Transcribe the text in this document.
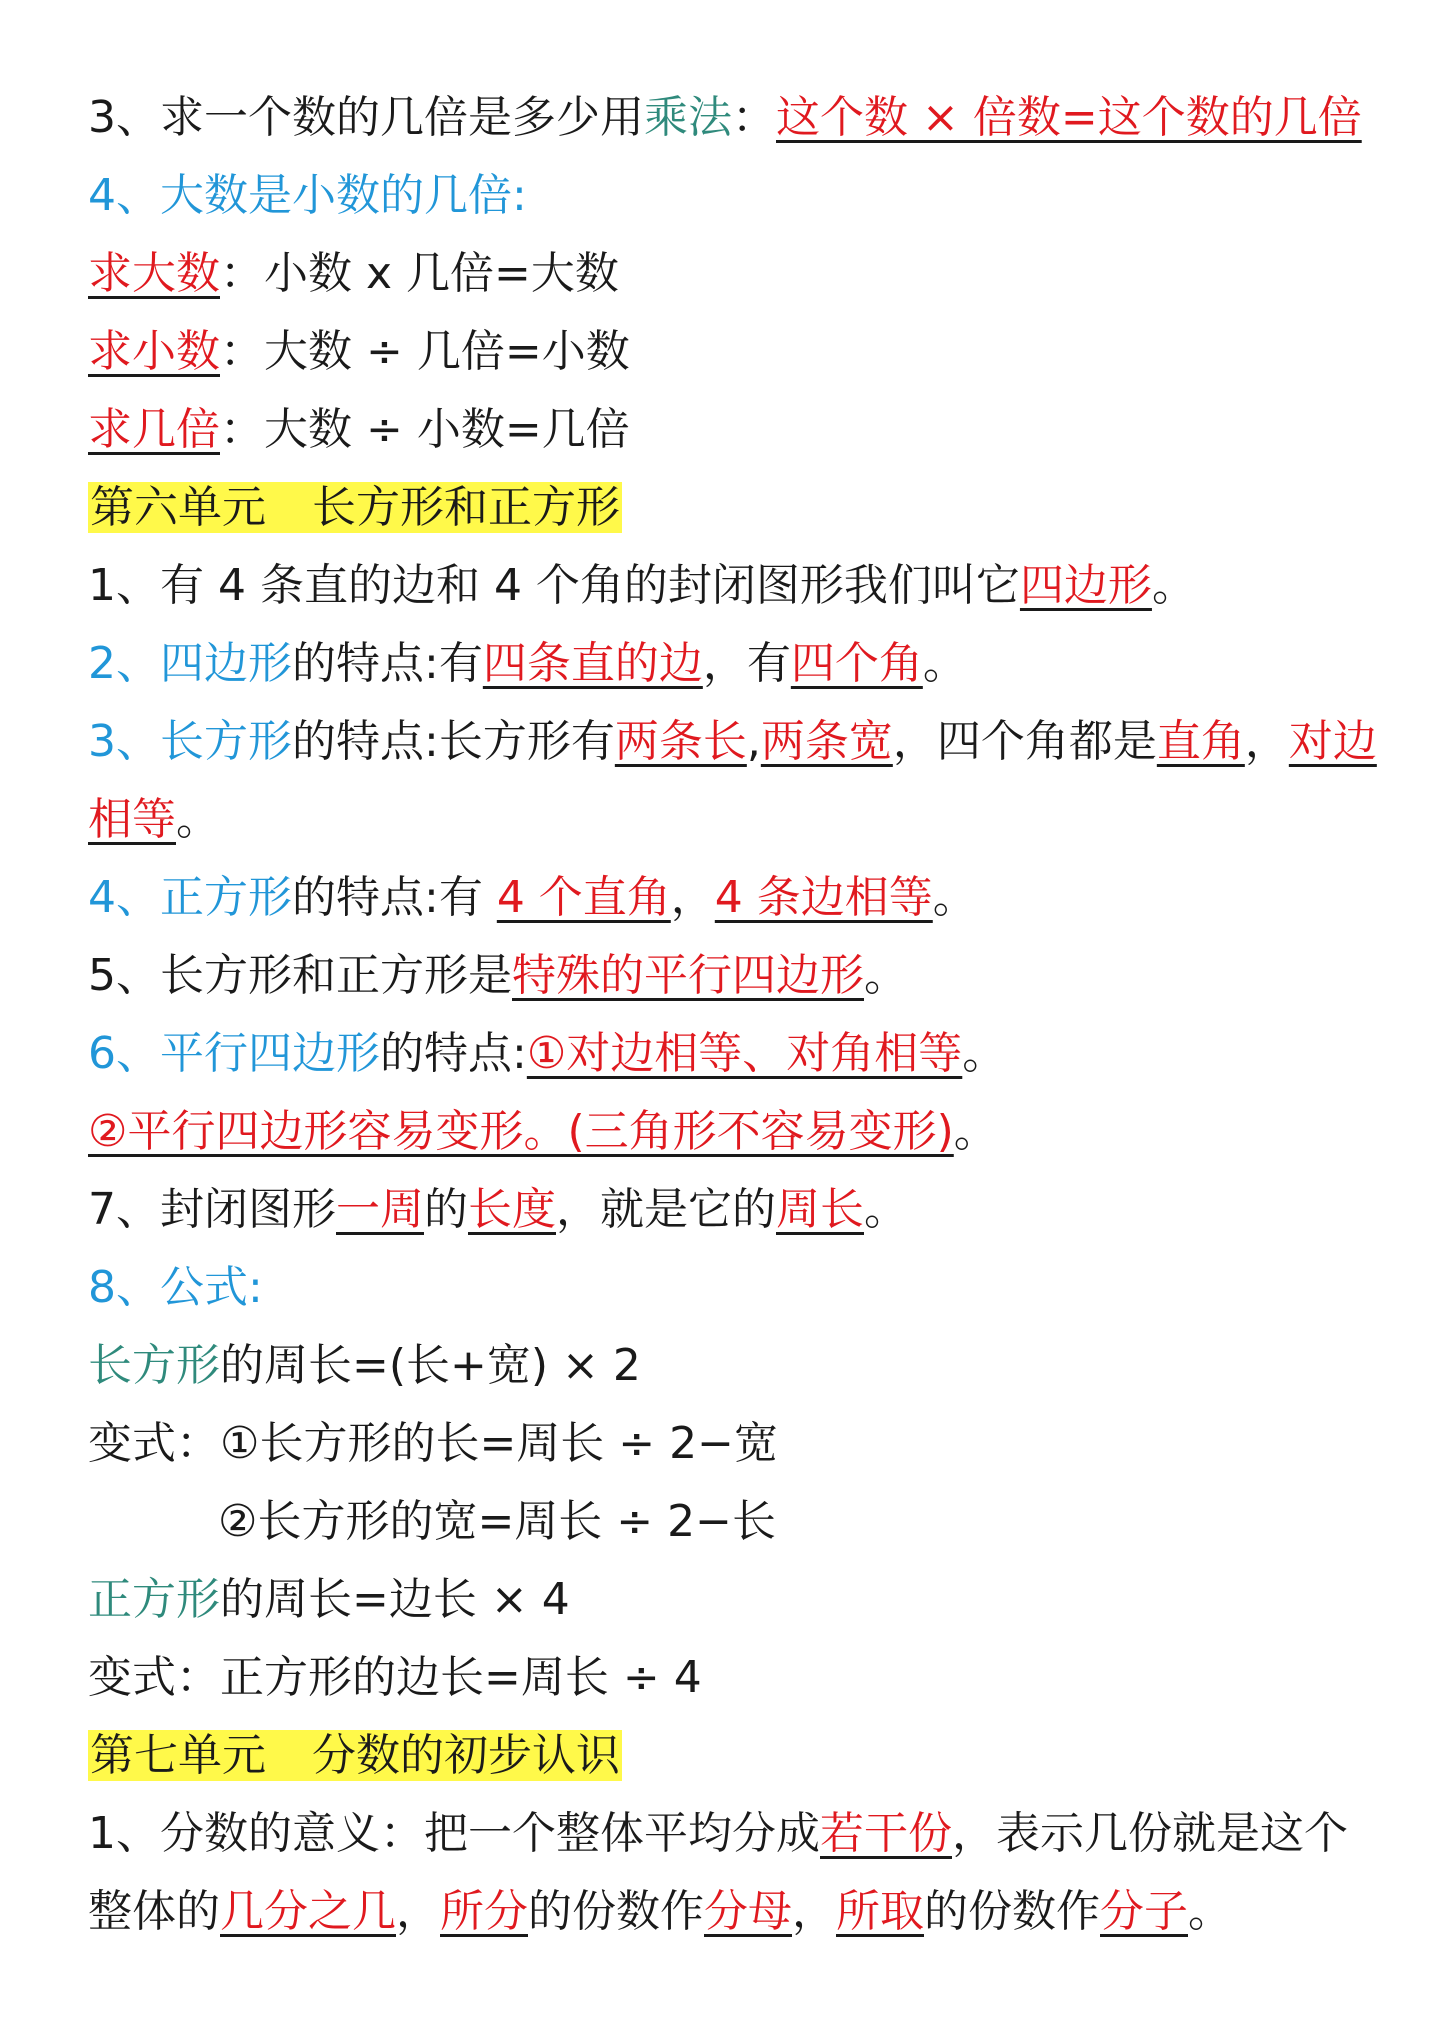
3、求一个数的几倍是多少用乘法：这个数 × 倍数=这个数的几倍

4、大数是小数的几倍:

求大数：小数 x 几倍=大数

求小数：大数 ÷ 几倍=小数

求几倍：大数 ÷ 小数=几倍

第六单元 长方形和正方形

1、有 4 条直的边和 4 个角的封闭图形我们叫它四边形。

2、四边形的特点:有四条直的边，有四个角。

3、长方形的特点:长方形有两条长,两条宽，四个角都是直角，对边

相等。

4、正方形的特点:有 4 个直角，4 条边相等。

5、长方形和正方形是特殊的平行四边形。

6、平行四边形的特点:①对边相等、对角相等。

②平行四边形容易变形。(三角形不容易变形)。

7、封闭图形一周的长度，就是它的周长。

8、公式:

长方形的周长=(长+宽) × 2

变式：①长方形的长=周长 ÷ 2−宽

②长方形的宽=周长 ÷ 2−长

正方形的周长=边长 × 4

变式：正方形的边长=周长 ÷ 4

第七单元 分数的初步认识

1、分数的意义：把一个整体平均分成若干份，表示几份就是这个

整体的几分之几，所分的份数作分母，所取的份数作分子。
